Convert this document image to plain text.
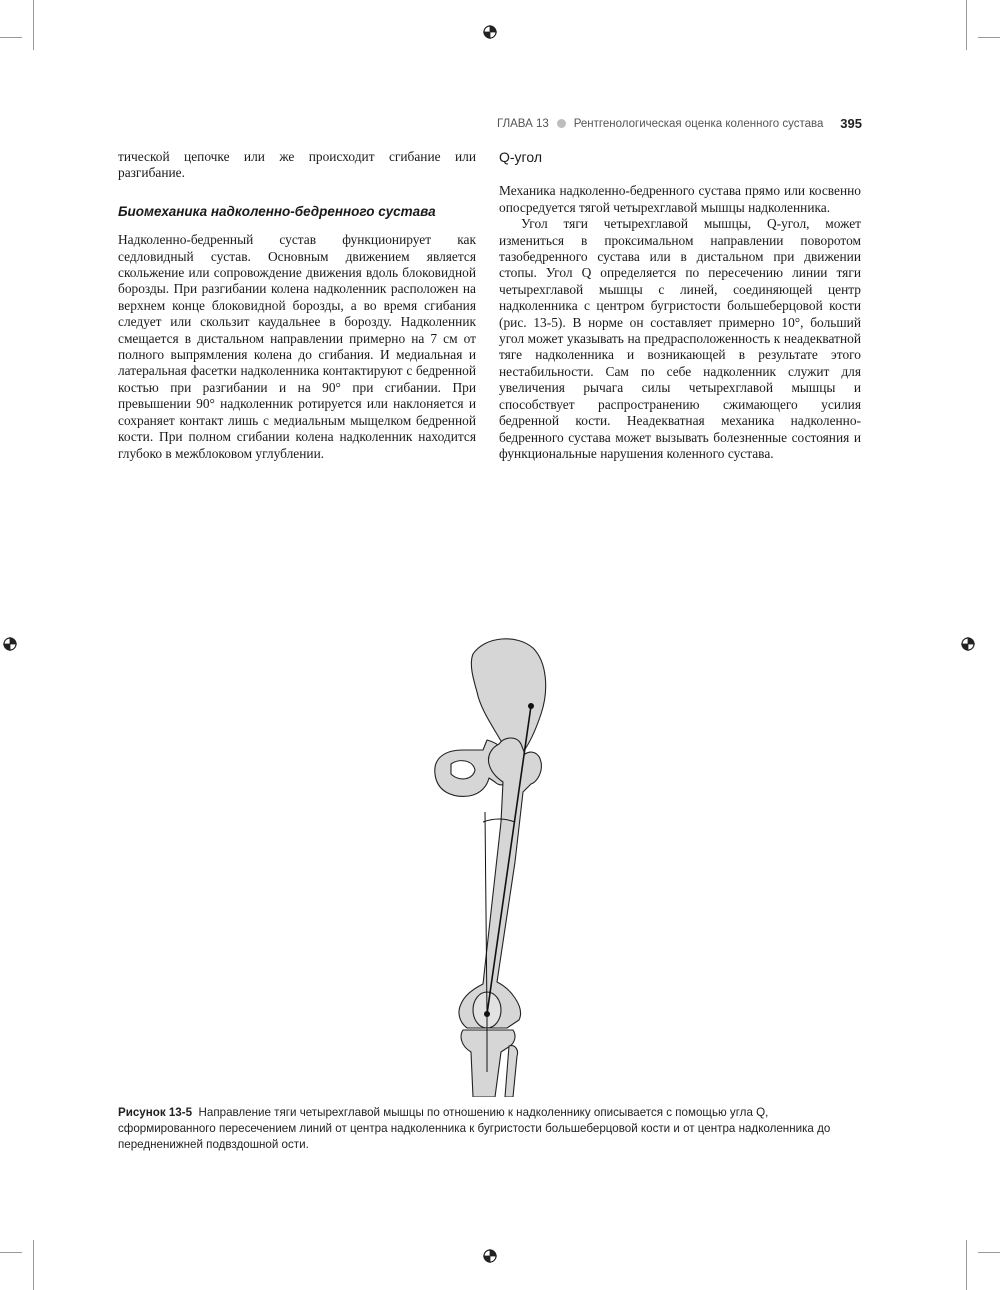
ГЛАВА 13 Рентгенологическая оценка коленного сустава 395

тической цепочке или же происходит сгибание или разгибание.

Биомеханика надколенно-бедренного сустава

Надколенно-бедренный сустав функционирует как седловидный сустав. Основным движением является скольжение или сопровождение движения вдоль блоковидной борозды. При разгибании колена надколенник расположен на верхнем конце блоковидной борозды, а во время сгибания следует или скользит каудальнее в борозду. Надколенник смещается в дистальном направлении примерно на 7 см от полного выпрямления колена до сгибания. И медиальная и латеральная фасетки надколенника контактируют с бедренной костью при разгибании и на 90° при сгибании. При превышении 90° надколенник ротируется или наклоняется и сохраняет контакт лишь с медиальным мыщелком бедренной кости. При полном сгибании колена надколенник находится глубоко в межблоковом углублении.

Q-угол

Механика надколенно-бедренного сустава прямо или косвенно опосредуется тягой четырехглавой мышцы надколенника.

Угол тяги четырехглавой мышцы, Q-угол, может измениться в проксимальном направлении поворотом тазобедренного сустава или в дистальном при движении стопы. Угол Q определяется по пересечению линии тяги четырехглавой мышцы с линей, соединяющей центр надколенника с центром бугристости большеберцовой кости (рис. 13-5). В норме он составляет примерно 10°, больший угол может указывать на предрасположенность к неадекватной тяге надколенника и возникающей в результате этого нестабильности. Сам по себе надколенник служит для увеличения рычага силы четырехглавой мышцы и способствует распространению сжимающего усилия бедренной кости. Неадекватная механика надколенно-бедренного сустава может вызывать болезненные состояния и функциональные нарушения коленного сустава.

Рисунок 13-5 Направление тяги четырехглавой мышцы по отношению к надколеннику описывается с помощью угла Q, сформированного пересечением линий от центра надколенника к бугристости большеберцовой кости и от центра надколенника до передненижней подвздошной ости.
